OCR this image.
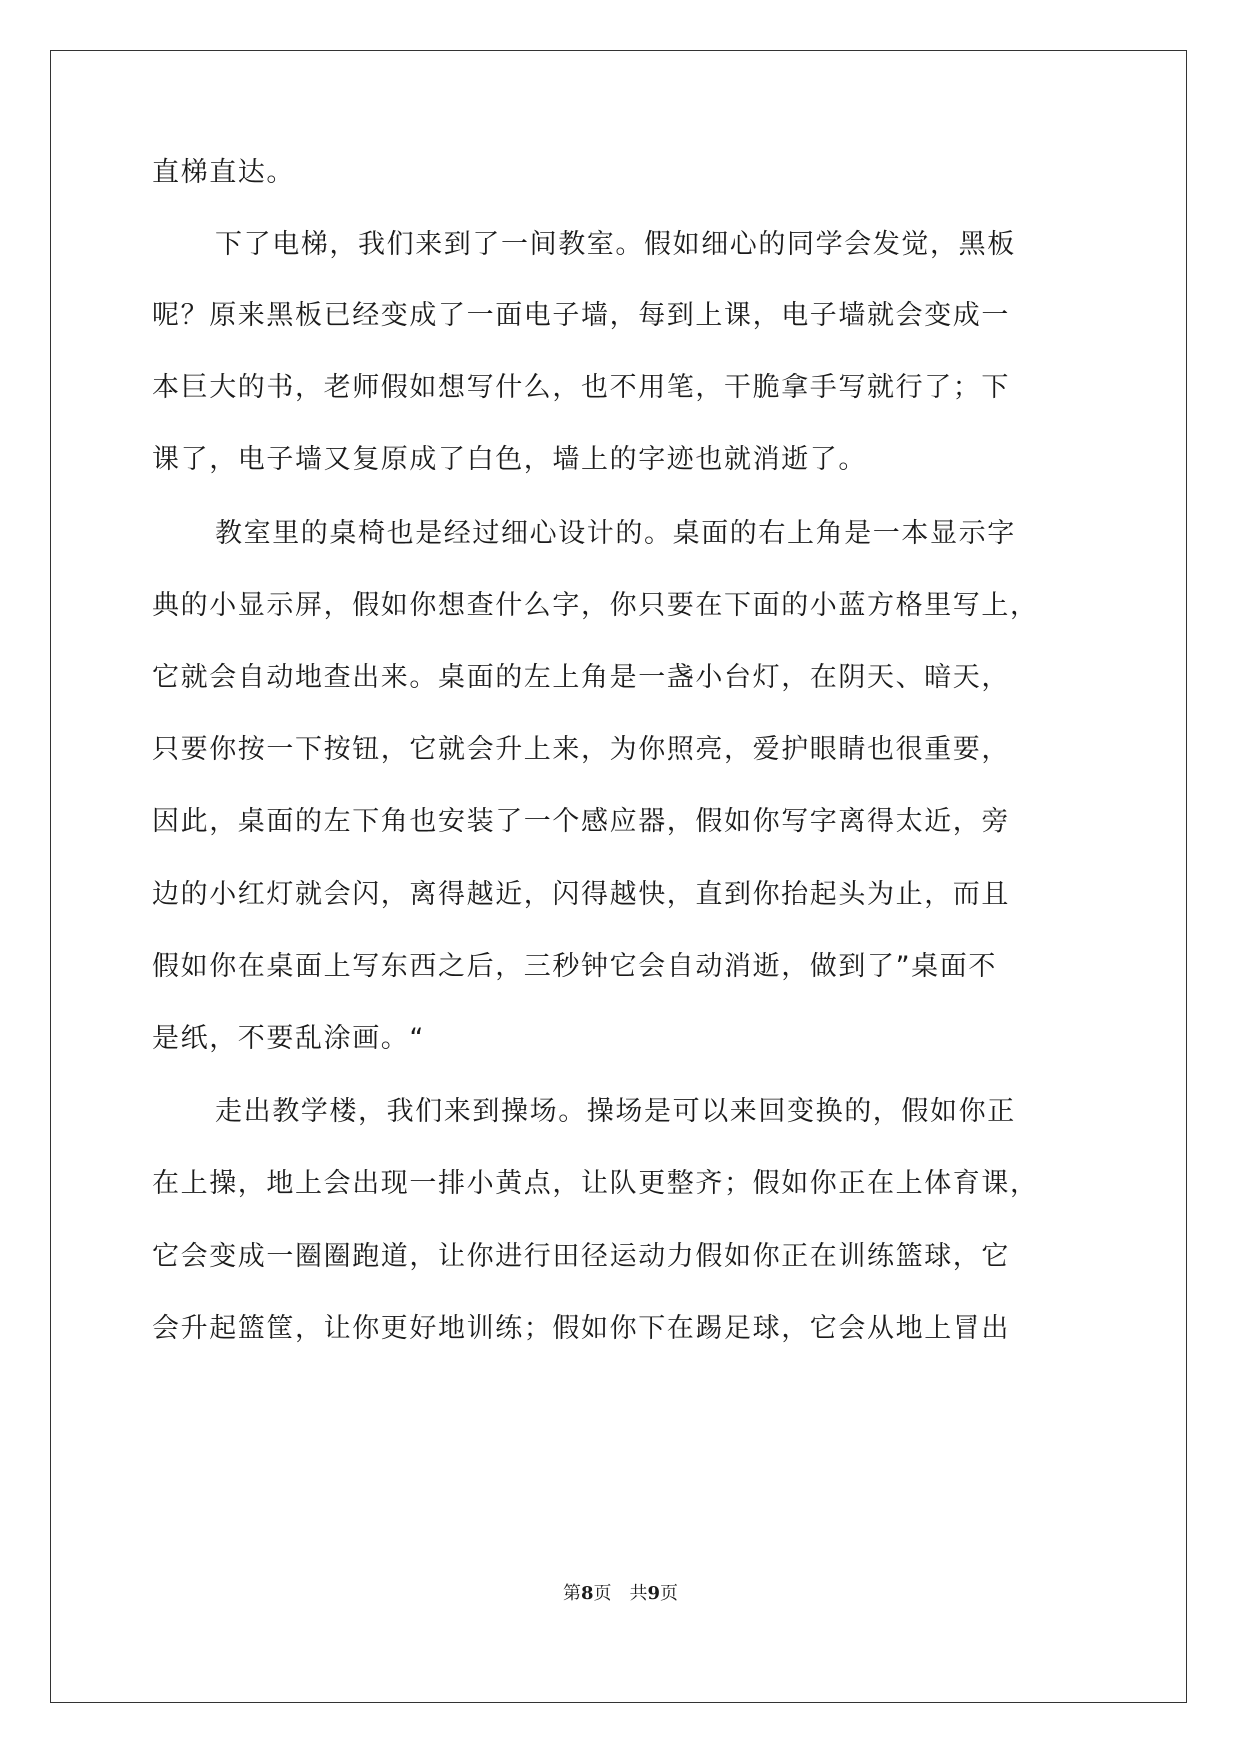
直梯直达。
下了电梯，我们来到了一间教室。假如细心的同学会发觉，黑板
呢？原来黑板已经变成了一面电子墙，每到上课，电子墙就会变成一
本巨大的书，老师假如想写什么，也不用笔，干脆拿手写就行了；下
课了，电子墙又复原成了白色，墙上的字迹也就消逝了。
教室里的桌椅也是经过细心设计的。桌面的右上角是一本显示字
典的小显示屏，假如你想查什么字，你只要在下面的小蓝方格里写上，
它就会自动地查出来。桌面的左上角是一盏小台灯，在阴天、暗天，
只要你按一下按钮，它就会升上来，为你照亮，爱护眼睛也很重要，
因此，桌面的左下角也安装了一个感应器，假如你写字离得太近，旁
边的小红灯就会闪，离得越近，闪得越快，直到你抬起头为止，而且
假如你在桌面上写东西之后，三秒钟它会自动消逝，做到了”桌面不
是纸，不要乱涂画。“
走出教学楼，我们来到操场。操场是可以来回变换的，假如你正
在上操，地上会出现一排小黄点，让队更整齐；假如你正在上体育课，
它会变成一圈圈跑道，让你进行田径运动力假如你正在训练篮球，它
会升起篮筐，让你更好地训练；假如你下在踢足球，它会从地上冒出
第8页 共9页
